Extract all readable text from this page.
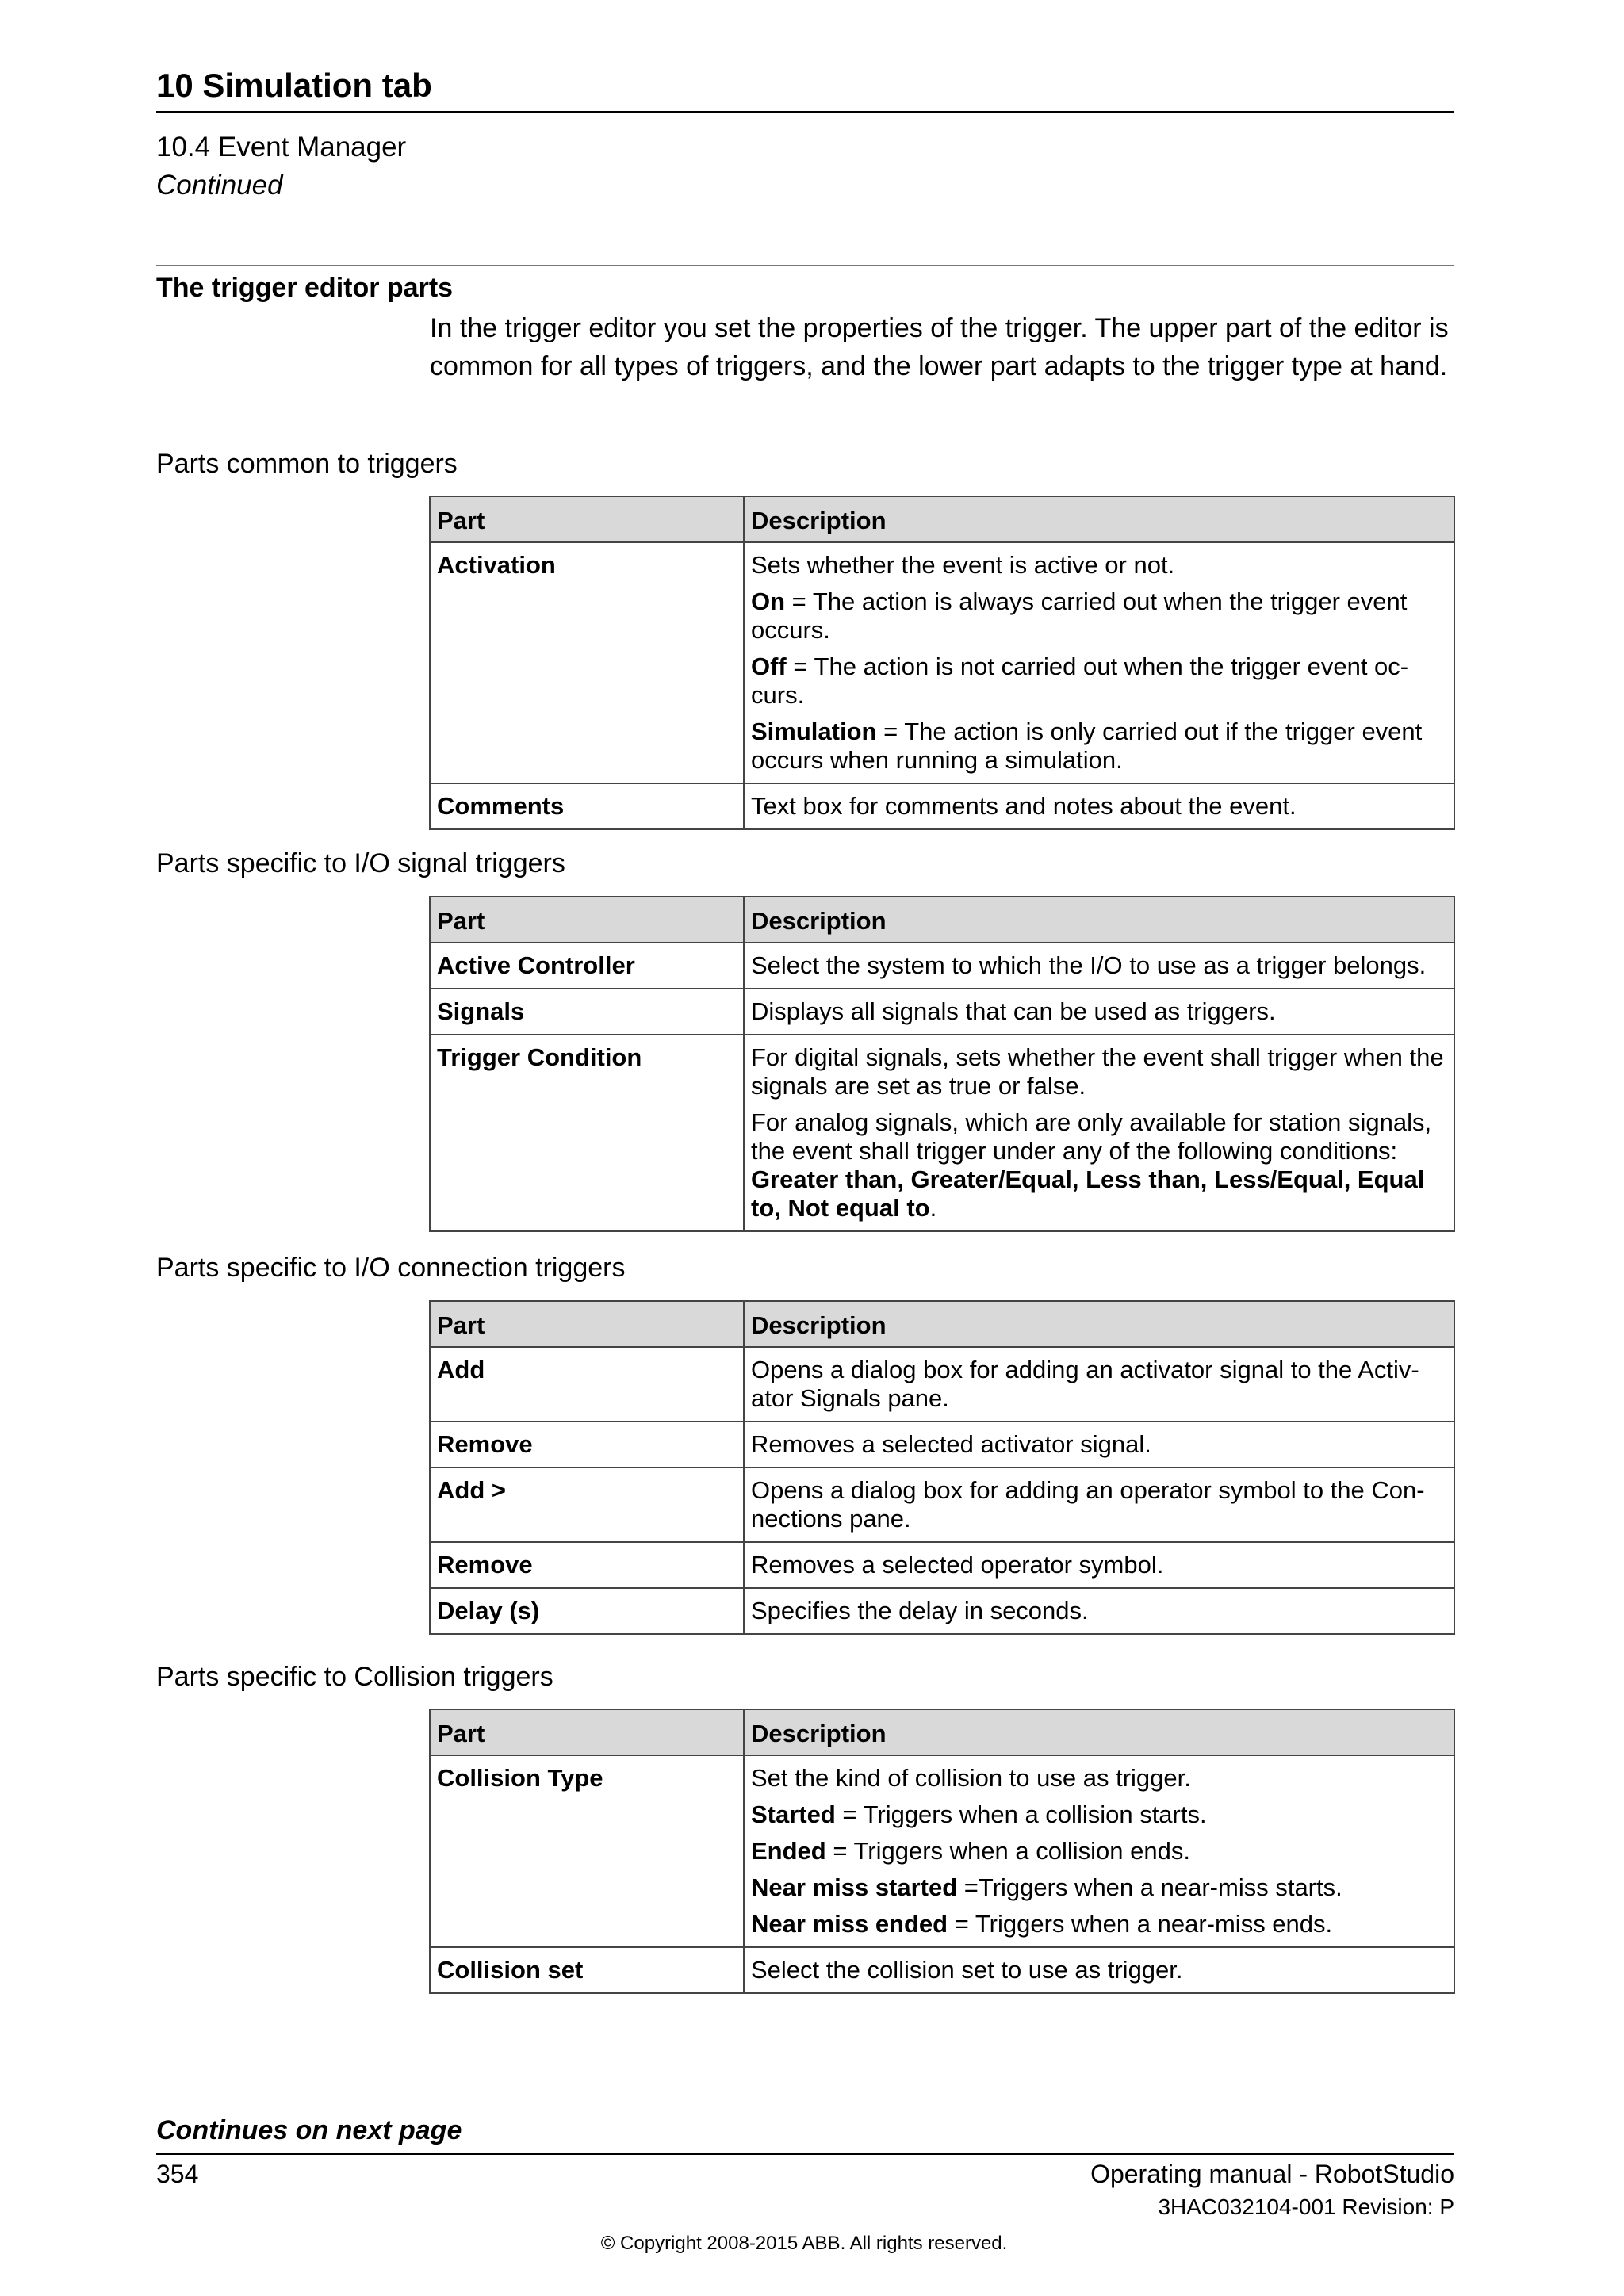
10 Simulation tab
10.4 Event Manager
Continued
The trigger editor parts

In the trigger editor you set the properties of the trigger. The upper part of the editor is common for all types of triggers, and the lower part adapts to the trigger type at hand.

Parts common to triggers
Part	Description
Activation	Sets whether the event is active or not.
On = The action is always carried out when the trigger event occurs.
Off = The action is not carried out when the trigger event oc-curs.
Simulation = The action is only carried out if the trigger event occurs when running a simulation.

Comments	Text box for comments and notes about the event.
Parts specific to I/O signal triggers
Part	Description
Active Controller	Select the system to which the I/O to use as a trigger belongs.
Signals	Displays all signals that can be used as triggers.
Trigger Condition	For digital signals, sets whether the event shall trigger when the signals are set as true or false.
For analog signals, which are only available for station signals, the event shall trigger under any of the following conditions: Greater than, Greater/Equal, Less than, Less/Equal, Equal to, Not equal to.
Parts specific to I/O connection triggers
Part	Description
Add	Opens a dialog box for adding an activator signal to the Activ-ator Signals pane.
Remove	Removes a selected activator signal.
Add >	Opens a dialog box for adding an operator symbol to the Con-nections pane.
Remove	Removes a selected operator symbol.
Delay (s)	Specifies the delay in seconds.
Parts specific to Collision triggers
Part	Description
Collision Type	Set the kind of collision to use as trigger.
Started = Triggers when a collision starts.
Ended = Triggers when a collision ends.
Near miss started =Triggers when a near-miss starts.
Near miss ended = Triggers when a near-miss ends.

Collision set	Select the collision set to use as trigger.
Continues on next page
354	Operating manual - RobotStudio
3HAC032104-001 Revision: P
© Copyright 2008-2015 ABB. All rights reserved.
